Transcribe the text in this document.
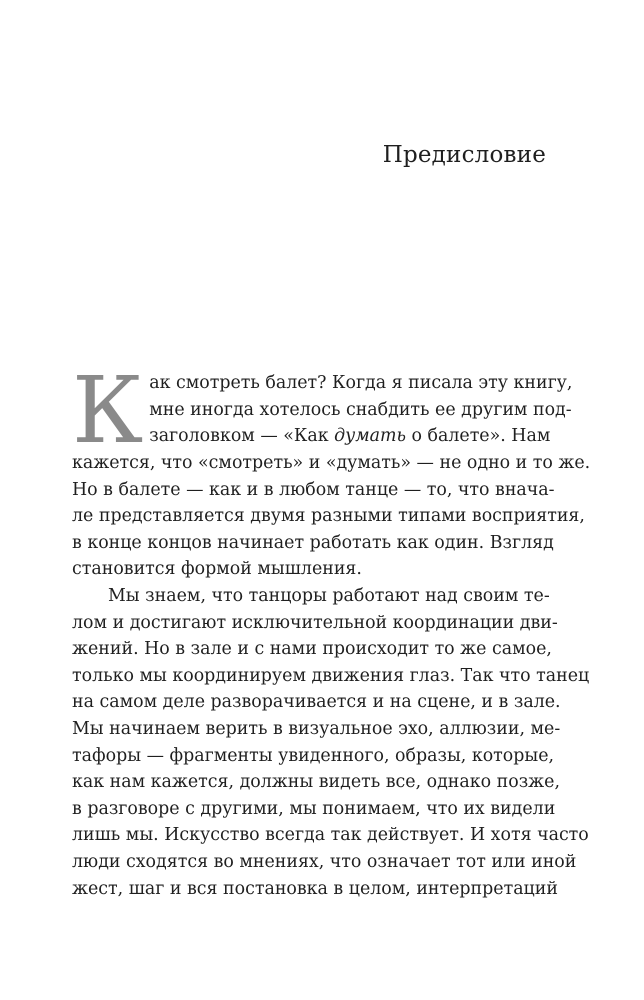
Предисловие
К ак смотреть балет? Когда я писала эту книгу,
мне иногда хотелось снабдить ее другим под-
заголовком — «Как думать о балете». Нам
кажется, что «смотреть» и «думать» — не одно и то же.
Но в балете — как и в любом танце — то, что внача-
ле представляется двумя разными типами восприятия,
в конце концов начинает работать как один. Взгляд
становится формой мышления.
Мы знаем, что танцоры работают над своим те-
лом и достигают исключительной координации дви-
жений. Но в зале и с нами происходит то же самое,
только мы координируем движения глаз. Так что танец
на самом деле разворачивается и на сцене, и в зале.
Мы начинаем верить в визуальное эхо, аллюзии, ме-
тафоры — фрагменты увиденного, образы, которые,
как нам кажется, должны видеть все, однако позже,
в разговоре с другими, мы понимаем, что их видели
лишь мы. Искусство всегда так действует. И хотя часто
люди сходятся во мнениях, что означает тот или иной
жест, шаг и вся постановка в целом, интерпретаций
